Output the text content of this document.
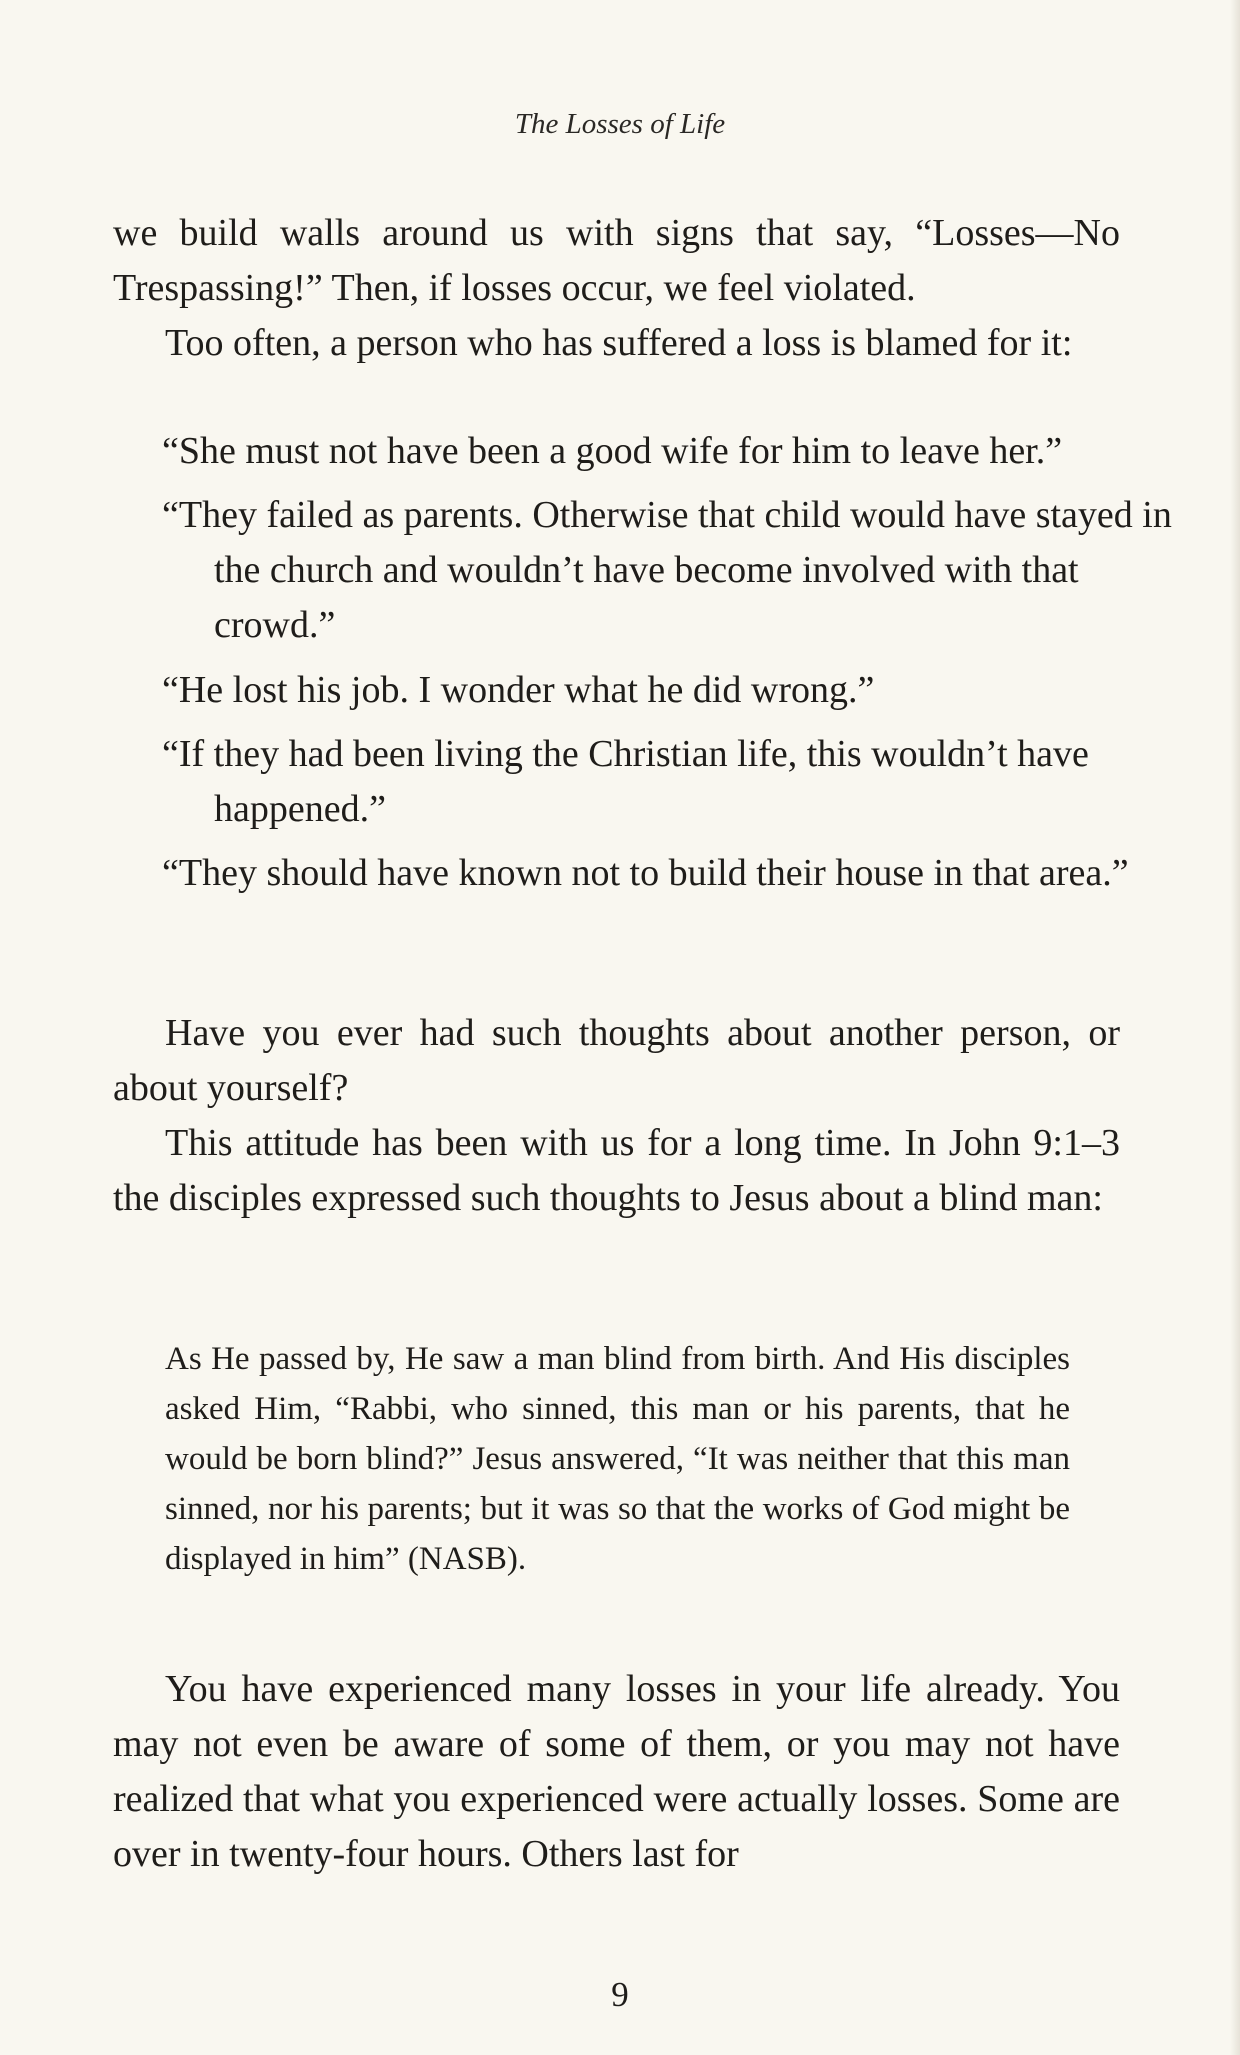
The Losses of Life

we build walls around us with signs that say, “Losses—No Trespassing!” Then, if losses occur, we feel violated.

Too often, a person who has suffered a loss is blamed for it:

“She must not have been a good wife for him to leave her.”

“They failed as parents. Otherwise that child would have stayed in the church and wouldn’t have become involved with that crowd.”

“He lost his job. I wonder what he did wrong.”

“If they had been living the Christian life, this wouldn’t have happened.”

“They should have known not to build their house in that area.”

Have you ever had such thoughts about another person, or about yourself?

This attitude has been with us for a long time. In John 9:1–3 the disciples expressed such thoughts to Jesus about a blind man:

As He passed by, He saw a man blind from birth. And His disciples asked Him, “Rabbi, who sinned, this man or his parents, that he would be born blind?” Jesus answered, “It was neither that this man sinned, nor his parents; but it was so that the works of God might be displayed in him” (NASB).

You have experienced many losses in your life already. You may not even be aware of some of them, or you may not have realized that what you experienced were actually losses. Some are over in twenty-four hours. Others last for

9
